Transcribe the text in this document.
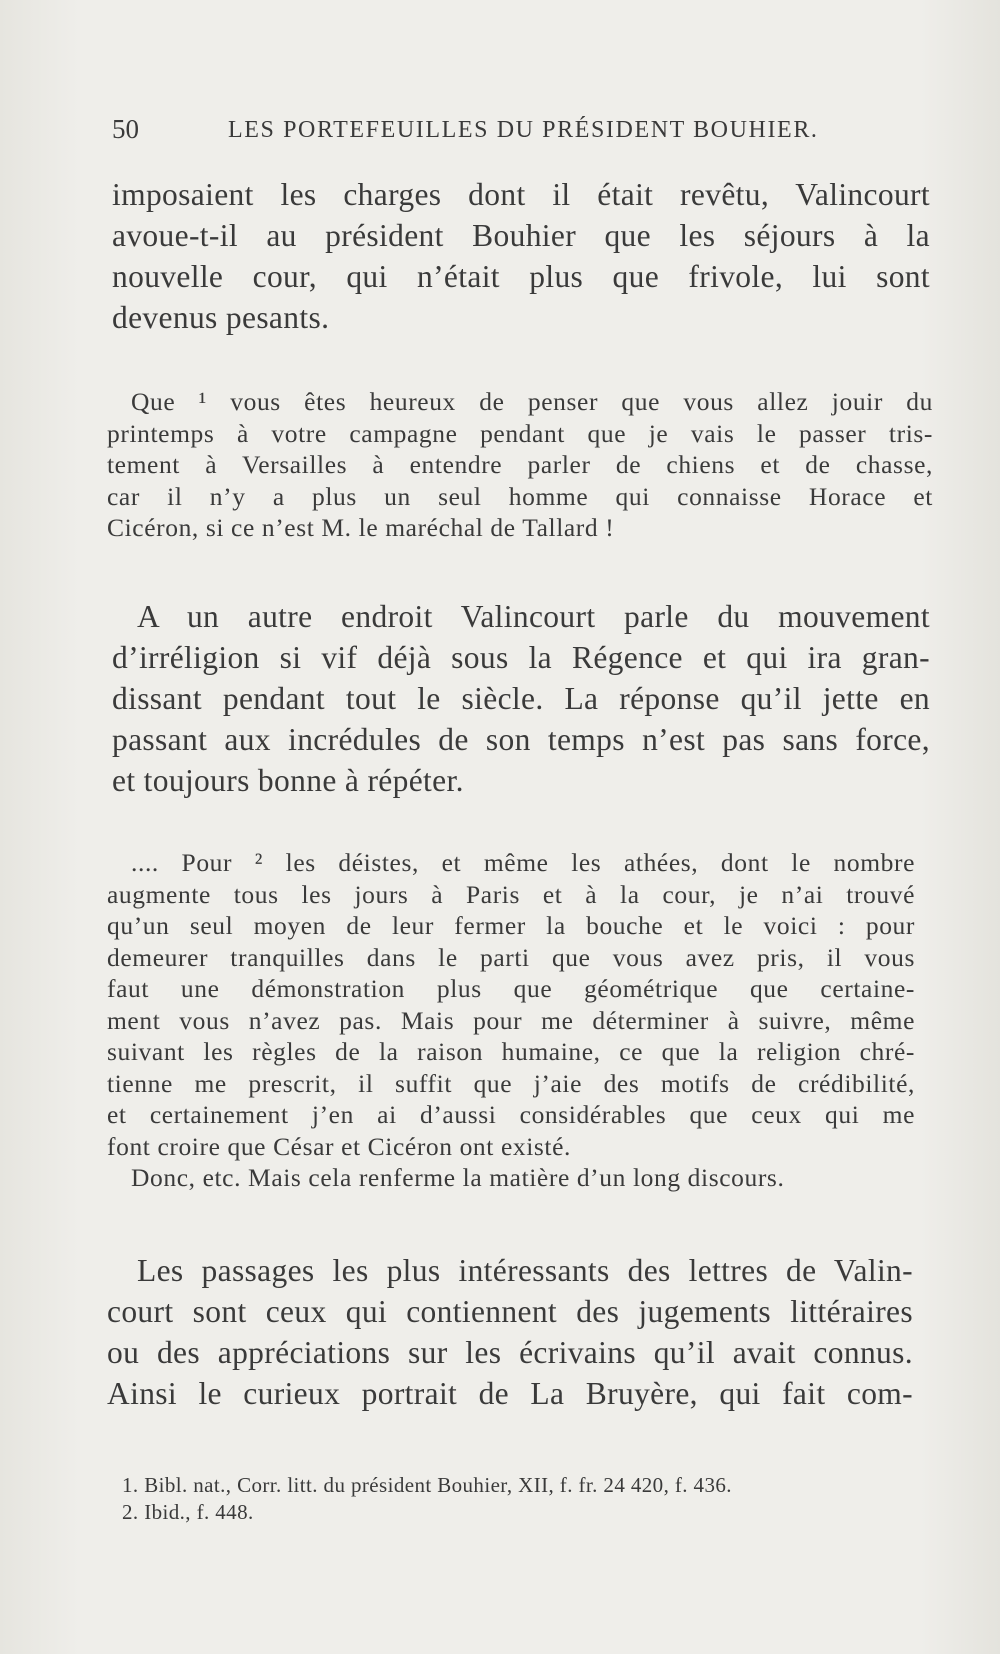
50	LES PORTEFEUILLES DU PRÉSIDENT BOUHIER.
imposaient les charges dont il était revêtu, Valincourt
avoue-t-il au président Bouhier que les séjours à la
nouvelle cour, qui n’était plus que frivole, lui sont
devenus pesants.
Que ¹ vous êtes heureux de penser que vous allez jouir du
printemps à votre campagne pendant que je vais le passer tris-
tement à Versailles à entendre parler de chiens et de chasse,
car il n’y a plus un seul homme qui connaisse Horace et
Cicéron, si ce n’est M. le maréchal de Tallard !
A un autre endroit Valincourt parle du mouvement
d’irréligion si vif déjà sous la Régence et qui ira gran-
dissant pendant tout le siècle. La réponse qu’il jette en
passant aux incrédules de son temps n’est pas sans force,
et toujours bonne à répéter.
.... Pour ² les déistes, et même les athées, dont le nombre
augmente tous les jours à Paris et à la cour, je n’ai trouvé
qu’un seul moyen de leur fermer la bouche et le voici : pour
demeurer tranquilles dans le parti que vous avez pris, il vous
faut une démonstration plus que géométrique que certaine-
ment vous n’avez pas. Mais pour me déterminer à suivre, même
suivant les règles de la raison humaine, ce que la religion chré-
tienne me prescrit, il suffit que j’aie des motifs de crédibilité,
et certainement j’en ai d’aussi considérables que ceux qui me
font croire que César et Cicéron ont existé.
Donc, etc. Mais cela renferme la matière d’un long discours.
Les passages les plus intéressants des lettres de Valin-
court sont ceux qui contiennent des jugements littéraires
ou des appréciations sur les écrivains qu’il avait connus.
Ainsi le curieux portrait de La Bruyère, qui fait com-
1. Bibl. nat., Corr. litt. du président Bouhier, XII, f. fr. 24 420, f. 436.
2. Ibid., f. 448.
